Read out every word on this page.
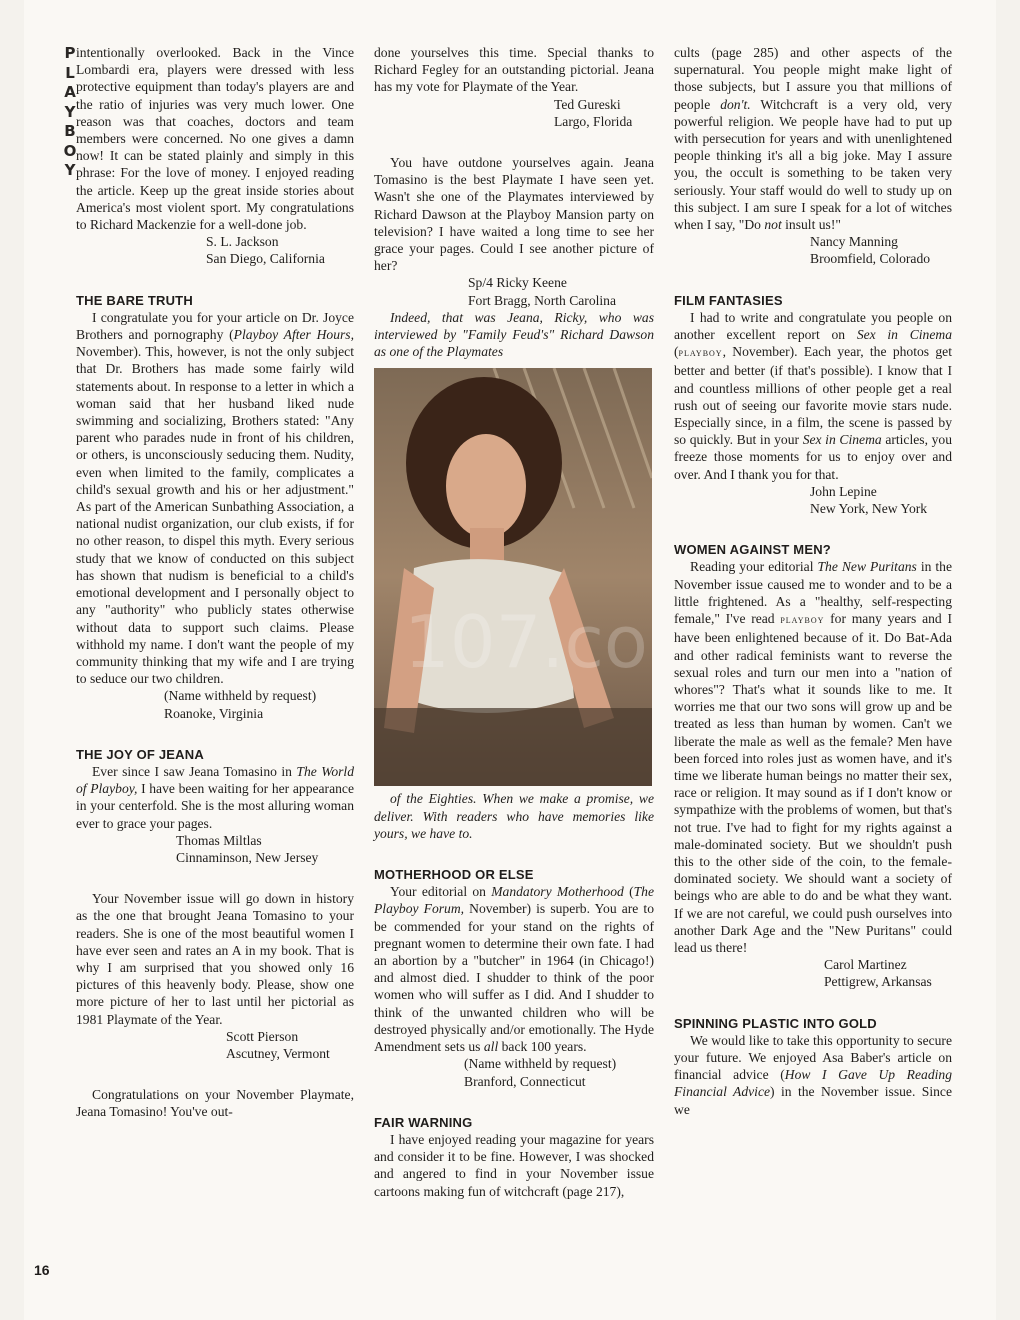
P
L
A
Y
B
O
Y

intentionally overlooked. Back in the Vince Lombardi era, players were dressed with less protective equipment than today's players are and the ratio of injuries was very much lower. One reason was that coaches, doctors and team members were concerned. No one gives a damn now! It can be stated plainly and simply in this phrase: For the love of money. I enjoyed reading the article. Keep up the great inside stories about America's most violent sport. My congratulations to Richard Mackenzie for a well-done job.

S. L. Jackson
San Diego, California
THE BARE TRUTH

I congratulate you for your article on Dr. Joyce Brothers and pornography (Playboy After Hours, November). This, however, is not the only subject that Dr. Brothers has made some fairly wild statements about. In response to a letter in which a woman said that her husband liked nude swimming and socializing, Brothers stated: "Any parent who parades nude in front of his children, or others, is unconsciously seducing them. Nudity, even when limited to the family, complicates a child's sexual growth and his or her adjustment." As part of the American Sunbathing Association, a national nudist organization, our club exists, if for no other reason, to dispel this myth. Every serious study that we know of conducted on this subject has shown that nudism is beneficial to a child's emotional development and I personally object to any "authority" who publicly states otherwise without data to support such claims. Please withhold my name. I don't want the people of my community thinking that my wife and I are trying to seduce our two children.

(Name withheld by request)
Roanoke, Virginia
THE JOY OF JEANA

Ever since I saw Jeana Tomasino in The World of Playboy, I have been waiting for her appearance in your centerfold. She is the most alluring woman ever to grace your pages.

Thomas Miltlas
Cinnaminson, New Jersey

Your November issue will go down in history as the one that brought Jeana Tomasino to your readers. She is one of the most beautiful women I have ever seen and rates an A in my book. That is why I am surprised that you showed only 16 pictures of this heavenly body. Please, show one more picture of her to last until her pictorial as 1981 Playmate of the Year.

Scott Pierson
Ascutney, Vermont

Congratulations on your November Playmate, Jeana Tomasino! You've out-

done yourselves this time. Special thanks to Richard Fegley for an outstanding pictorial. Jeana has my vote for Playmate of the Year.

Ted Gureski
Largo, Florida

You have outdone yourselves again. Jeana Tomasino is the best Playmate I have seen yet. Wasn't she one of the Playmates interviewed by Richard Dawson at the Playboy Mansion party on television? I have waited a long time to see her grace your pages. Could I see another picture of her?

Sp/4 Ricky Keene
Fort Bragg, North Carolina

Indeed, that was Jeana, Ricky, who was interviewed by "Family Feud's" Richard Dawson as one of the Playmates

of the Eighties. When we make a promise, we deliver. With readers who have memories like yours, we have to.

MOTHERHOOD OR ELSE

Your editorial on Mandatory Motherhood (The Playboy Forum, November) is superb. You are to be commended for your stand on the rights of pregnant women to determine their own fate. I had an abortion by a "butcher" in 1964 (in Chicago!) and almost died. I shudder to think of the poor women who will suffer as I did. And I shudder to think of the unwanted children who will be destroyed physically and/or emotionally. The Hyde Amendment sets us all back 100 years.

(Name withheld by request)
Branford, Connecticut
FAIR WARNING

I have enjoyed reading your magazine for years and consider it to be fine. However, I was shocked and angered to find in your November issue cartoons making fun of witchcraft (page 217),

cults (page 285) and other aspects of the supernatural. You people might make light of those subjects, but I assure you that millions of people don't. Witchcraft is a very old, very powerful religion. We people have had to put up with persecution for years and with unenlightened people thinking it's all a big joke. May I assure you, the occult is something to be taken very seriously. Your staff would do well to study up on this subject. I am sure I speak for a lot of witches when I say, "Do not insult us!"

Nancy Manning
Broomfield, Colorado
FILM FANTASIES

I had to write and congratulate you people on another excellent report on Sex in Cinema (playboy, November). Each year, the photos get better and better (if that's possible). I know that I and countless millions of other people get a real rush out of seeing our favorite movie stars nude. Especially since, in a film, the scene is passed by so quickly. But in your Sex in Cinema articles, you freeze those moments for us to enjoy over and over. And I thank you for that.

John Lepine
New York, New York
WOMEN AGAINST MEN?

Reading your editorial The New Puritans in the November issue caused me to wonder and to be a little frightened. As a "healthy, self-respecting female," I've read playboy for many years and I have been enlightened because of it. Do Bat-Ada and other radical feminists want to reverse the sexual roles and turn our men into a "nation of whores"? That's what it sounds like to me. It worries me that our two sons will grow up and be treated as less than human by women. Can't we liberate the male as well as the female? Men have been forced into roles just as women have, and it's time we liberate human beings no matter their sex, race or religion. It may sound as if I don't know or sympathize with the problems of women, but that's not true. I've had to fight for my rights against a male-dominated society. But we shouldn't push this to the other side of the coin, to the female-dominated society. We should want a society of beings who are able to do and be what they want. If we are not careful, we could push ourselves into another Dark Age and the "New Puritans" could lead us there!

Carol Martinez
Pettigrew, Arkansas
SPINNING PLASTIC INTO GOLD

We would like to take this opportunity to secure your future. We enjoyed Asa Baber's article on financial advice (How I Gave Up Reading Financial Advice) in the November issue. Since we

16
107.co
